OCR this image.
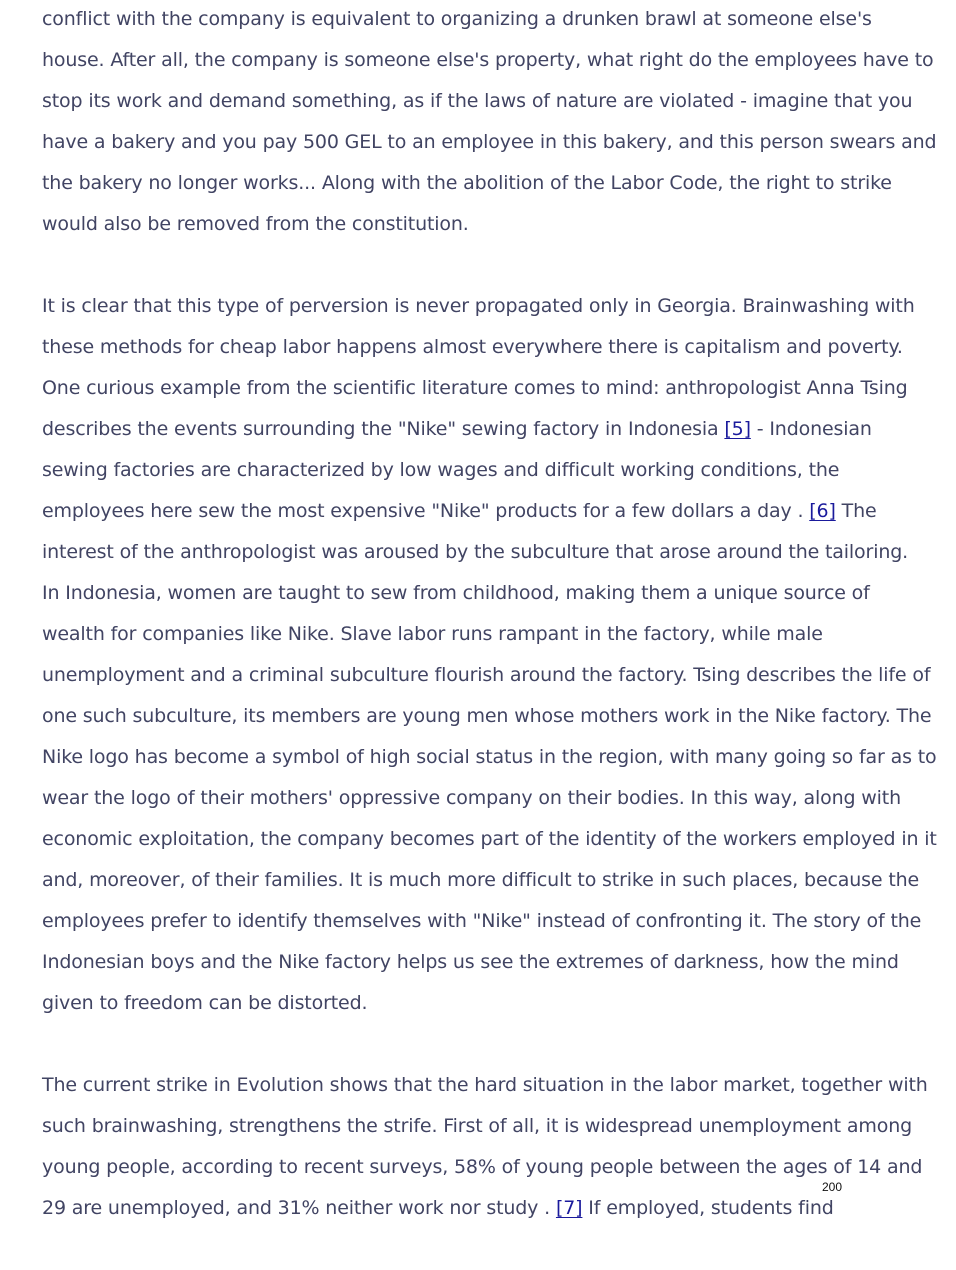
conflict with the company is equivalent to organizing a drunken brawl at someone else's
house. After all, the company is someone else's property, what right do the employees have to
stop its work and demand something, as if the laws of nature are violated - imagine that you
have a bakery and you pay 500 GEL to an employee in this bakery, and this person swears and
the bakery no longer works... Along with the abolition of the Labor Code, the right to strike
would also be removed from the constitution.
It is clear that this type of perversion is never propagated only in Georgia. Brainwashing with
these methods for cheap labor happens almost everywhere there is capitalism and poverty.
One curious example from the scientific literature comes to mind: anthropologist Anna Tsing
describes the events surrounding the "Nike" sewing factory in Indonesia [5] - Indonesian
sewing factories are characterized by low wages and difficult working conditions, the
employees here sew the most expensive "Nike" products for a few dollars a day . [6] The
interest of the anthropologist was aroused by the subculture that arose around the tailoring.
In Indonesia, women are taught to sew from childhood, making them a unique source of
wealth for companies like Nike. Slave labor runs rampant in the factory, while male
unemployment and a criminal subculture flourish around the factory. Tsing describes the life of
one such subculture, its members are young men whose mothers work in the Nike factory. The
Nike logo has become a symbol of high social status in the region, with many going so far as to
wear the logo of their mothers' oppressive company on their bodies. In this way, along with
economic exploitation, the company becomes part of the identity of the workers employed in it
and, moreover, of their families. It is much more difficult to strike in such places, because the
employees prefer to identify themselves with "Nike" instead of confronting it. The story of the
Indonesian boys and the Nike factory helps us see the extremes of darkness, how the mind
given to freedom can be distorted.
The current strike in Evolution shows that the hard situation in the labor market, together with
such brainwashing, strengthens the strife. First of all, it is widespread unemployment among
young people, according to recent surveys, 58% of young people between the ages of 14 and
29 are unemployed, and 31% neither work nor study . [7] If employed, students find
200
